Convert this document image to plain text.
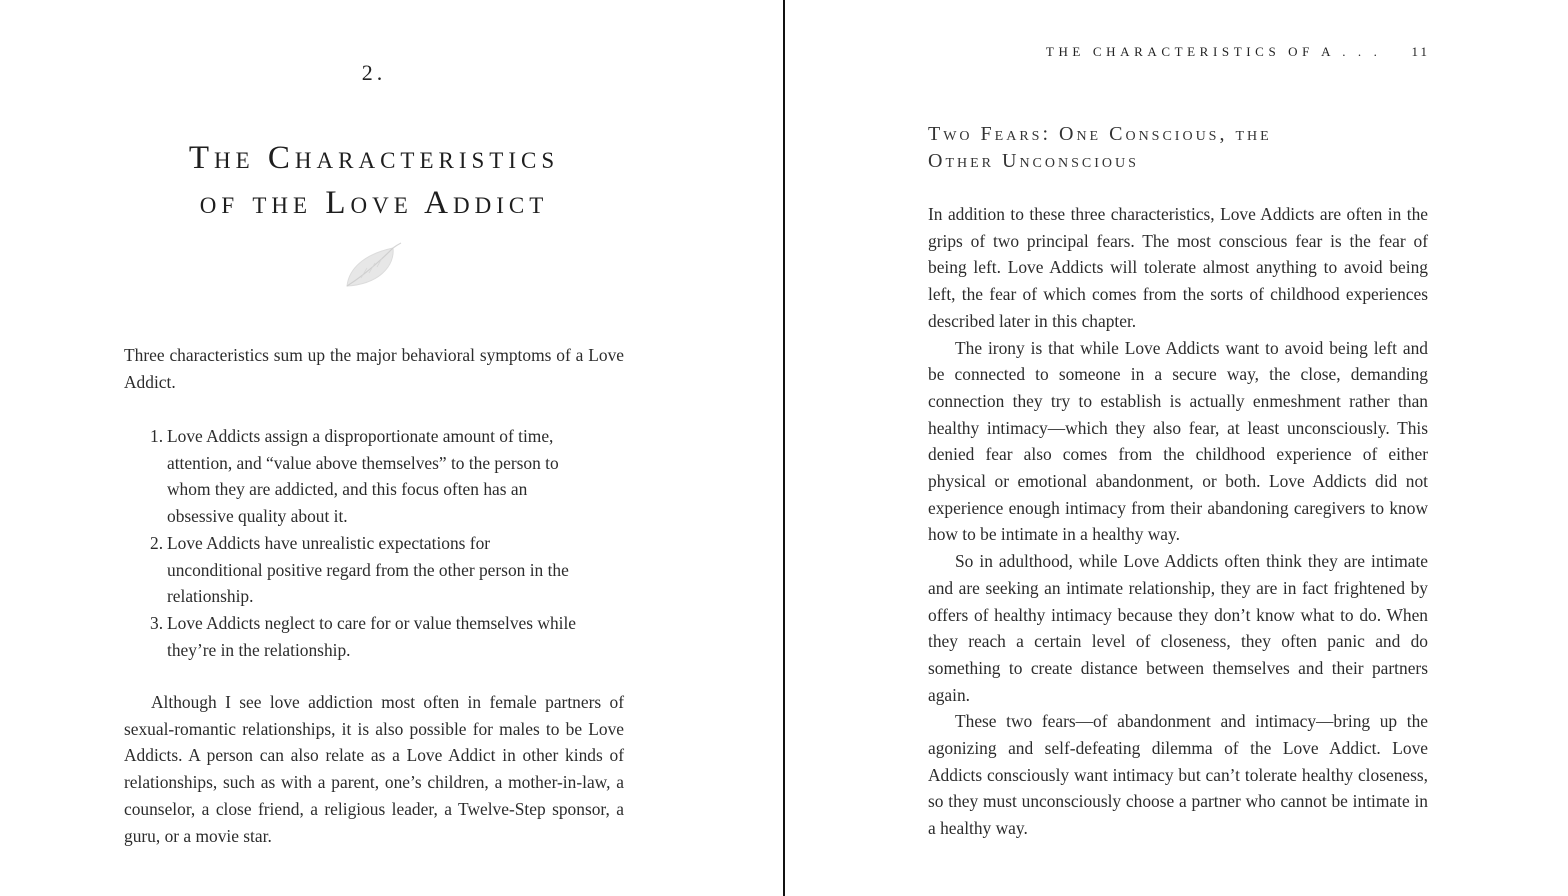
2.
The Characteristics
of the Love Addict

Three characteristics sum up the major behavioral symptoms of a Love Addict.

1. Love Addicts assign a disproportionate amount of time, attention, and “value above themselves” to the person to whom they are addicted, and this focus often has an obsessive quality about it.
2. Love Addicts have unrealistic expectations for unconditional positive regard from the other person in the relationship.
3. Love Addicts neglect to care for or value themselves while they’re in the relationship.

Although I see love addiction most often in female partners of sexual-romantic relationships, it is also possible for males to be Love Addicts. A person can also relate as a Love Addict in other kinds of relationships, such as with a parent, one’s children, a mother-in-law, a counselor, a close friend, a religious leader, a Twelve-Step sponsor, a guru, or a movie star.

THE CHARACTERISTICS OF A . . . 11
Two Fears: One Conscious, the
Other Unconscious

In addition to these three characteristics, Love Addicts are often in the grips of two principal fears. The most conscious fear is the fear of being left. Love Addicts will tolerate almost anything to avoid being left, the fear of which comes from the sorts of childhood experiences described later in this chapter.

The irony is that while Love Addicts want to avoid being left and be connected to someone in a secure way, the close, demanding connection they try to establish is actually enmeshment rather than healthy intimacy—which they also fear, at least unconsciously. This denied fear also comes from the childhood experience of either physical or emotional abandonment, or both. Love Addicts did not experience enough intimacy from their abandoning caregivers to know how to be intimate in a healthy way.

So in adulthood, while Love Addicts often think they are intimate and are seeking an intimate relationship, they are in fact frightened by offers of healthy intimacy because they don’t know what to do. When they reach a certain level of closeness, they often panic and do something to create distance between themselves and their partners again.

These two fears—of abandonment and intimacy—bring up the agonizing and self-defeating dilemma of the Love Addict. Love Addicts consciously want intimacy but can’t tolerate healthy closeness, so they must unconsciously choose a partner who cannot be intimate in a healthy way.
